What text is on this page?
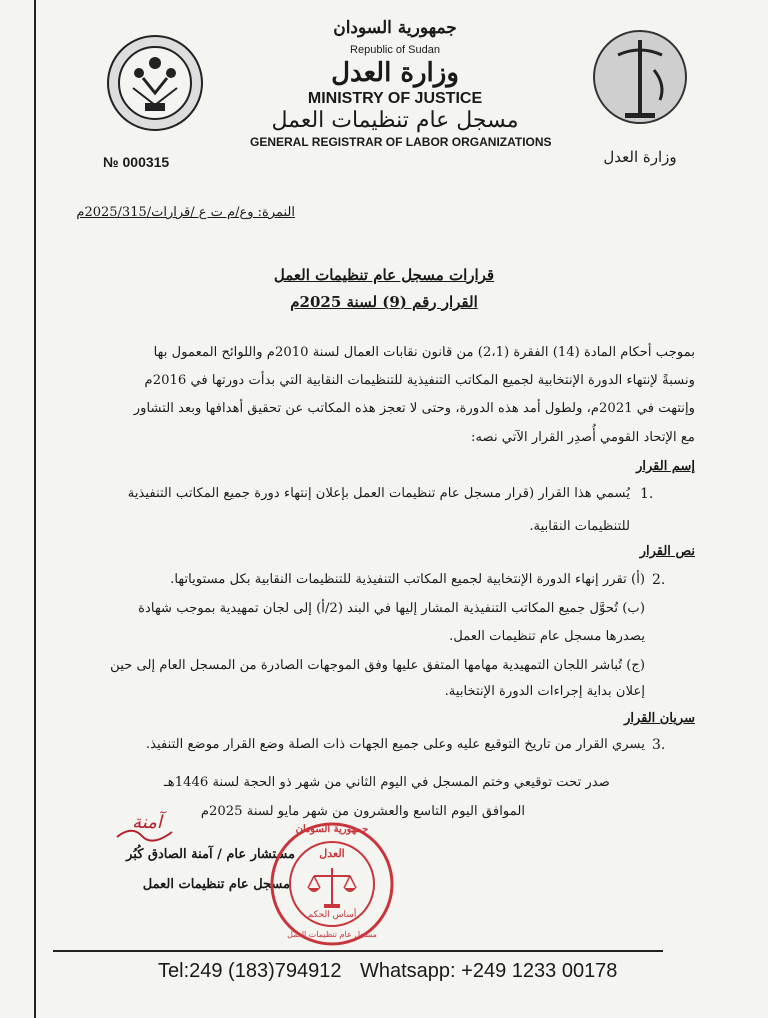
№ 000315
جمهورية السودان
Republic of Sudan
وزارة العدل
MINISTRY OF JUSTICE
مسجل عام تنظيمات العمل
GENERAL REGISTRAR OF LABOR ORGANIZATIONS
وزارة العدل
النمرة: وع/م ت ع /قرارات/2025/315م
قرارات مسجل عام تنظيمات العمل
القرار رقم (9) لسنة 2025م
بموجب أحكام المادة (14) الفقرة (2،1) من قانون نقابات العمال لسنة 2010م واللوائح المعمول بها
ونسبةً لإنتهاء الدورة الإنتخابية لجميع المكاتب التنفيذية للتنظيمات النقابية التي بدأت دورتها في 2016م
وإنتهت في 2021م، ولطول أمد هذه الدورة، وحتى لا تعجز هذه المكاتب عن تحقيق أهدافها وبعد التشاور
مع الإتحاد القومي أُصدِر القرار الآتي نصه:
إسم القرار
يُسمي هذا القرار (قرار مسجل عام تنظيمات العمل بإعلان إنتهاء دورة جميع المكاتب التنفيذية 1.
للتنظيمات النقابية.
نص القرار
(أ) تقرر إنهاء الدورة الإنتخابية لجميع المكاتب التنفيذية للتنظيمات النقابية بكل مستوياتها. 2.
(ب) تُحوَّل جميع المكاتب التنفيذية المشار إليها في البند (2/أ) إلى لجان تمهيدية بموجب شهادة
يصدرها مسجل عام تنظيمات العمل.
(ج) تُباشر اللجان التمهيدية مهامها المتفق عليها وفق الموجهات الصادرة من المسجل العام إلى حين
إعلان بداية إجراءات الدورة الإنتخابية.
سريان القرار
يسري القرار من تاريخ التوقيع عليه وعلى جميع الجهات ذات الصلة وضع القرار موضع التنفيذ. 3.
صدر تحت توقيعي وختم المسجل في اليوم الثاني من شهر ذو الحجة لسنة 1446هـ
الموافق اليوم التاسع والعشرون من شهر مايو لسنة 2025م
آمنة
مستشار عام / آمنة الصادق كُبُر
مسجل عام تنظيمات العمل
جمهورية السودان
العدل
أساس الحكم
مسجل عام تنظيمات العمل
Tel:249 (183)794912 Whatsapp: +249 1233 00178
